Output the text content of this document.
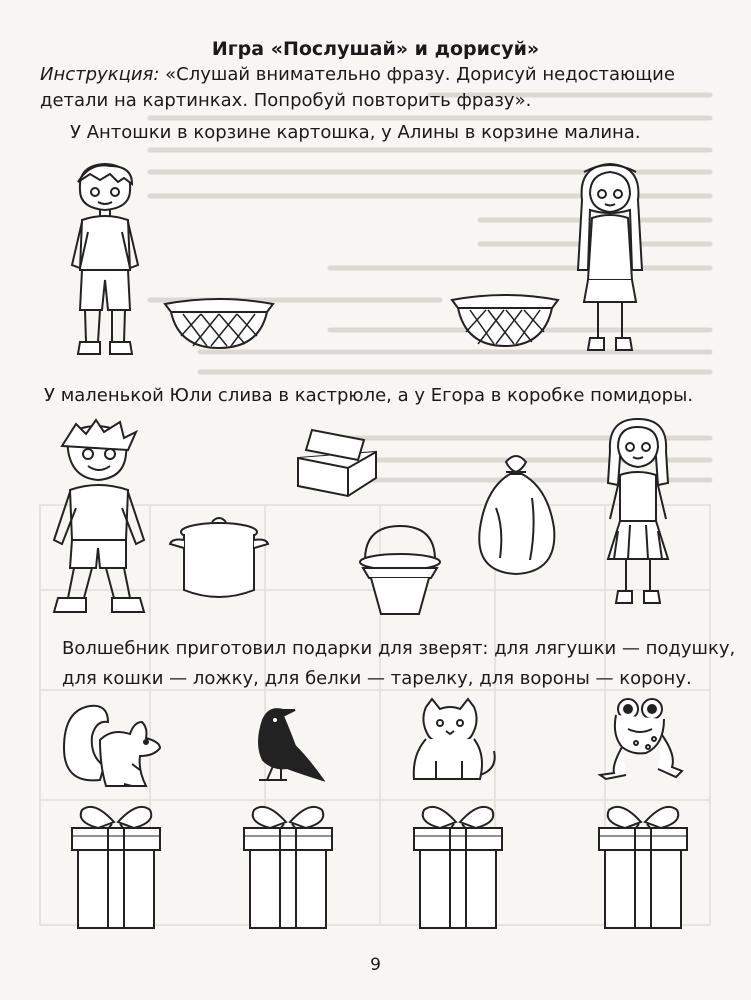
Игра «Послушай» и дорисуй»
Инструкция: «Слушай внимательно фразу. Дорисуй недостающие детали на картинках. Попробуй повторить фразу».
У Антошки в корзине картошка, у Алины в корзине малина.
У маленькой Юли слива в кастрюле, а у Егора в коробке помидоры.
Волшебник приготовил подарки для зверят: для лягушки — подушку, для кошки — ложку, для белки — тарелку, для вороны — корону.
9
